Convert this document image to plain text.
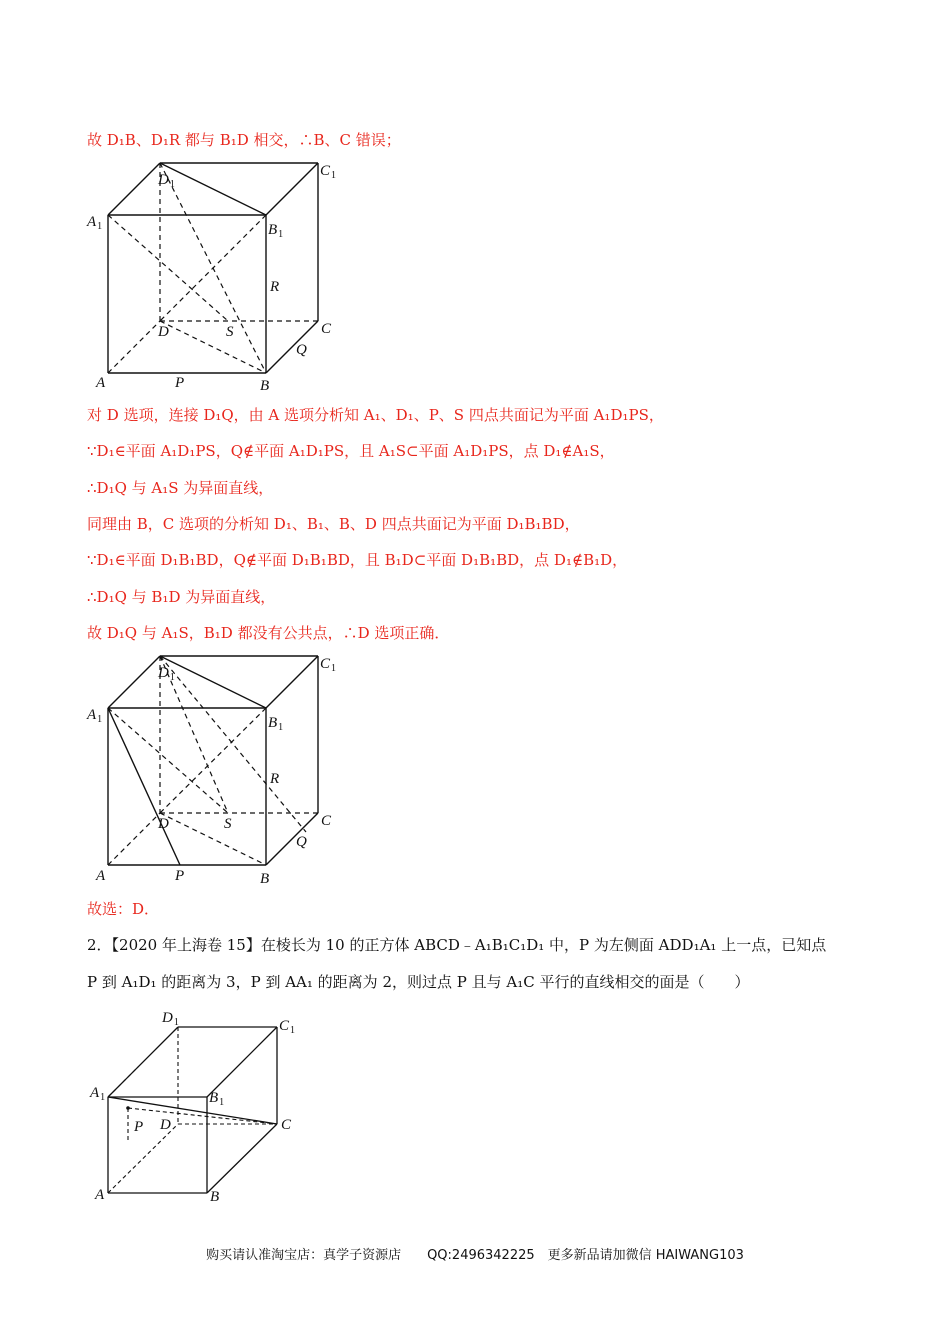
故 D₁B、D₁R 都与 B₁D 相交，∴B、C 错误；
$D_1$
$C_1$
$A_1$	$B_1$
R
D	S	C
Q
A	P	B
对 D 选项，连接 D₁Q，由 A 选项分析知 A₁、D₁、P、S 四点共面记为平面 A₁D₁PS，
∵D₁∈平面 A₁D₁PS，Q∉平面 A₁D₁PS，且 A₁S⊂平面 A₁D₁PS，点 D₁∉A₁S，
∴D₁Q 与 A₁S 为异面直线，
同理由 B，C 选项的分析知 D₁、B₁、B、D 四点共面记为平面 D₁B₁BD，
∵D₁∈平面 D₁B₁BD，Q∉平面 D₁B₁BD，且 B₁D⊂平面 D₁B₁BD，点 D₁∉B₁D，
∴D₁Q 与 B₁D 为异面直线，
故 D₁Q 与 A₁S，B₁D 都没有公共点，∴D 选项正确．
$D_1$
$C_1$
$A_1$	$B_1$
R
D	S	C
Q
A	P	B
故选：D．
2．【2020 年上海卷 15】在棱长为 10 的正方体 ABCD﹣A₁B₁C₁D₁ 中，P 为左侧面 ADD₁A₁ 上一点，已知点
P 到 A₁D₁ 的距离为 3，P 到 AA₁ 的距离为 2，则过点 P 且与 A₁C 平行的直线相交的面是（　　）
$D_1$	$C_1$
$A_1$	$B_1$
P D	C
A	B
购买请认准淘宝店：真学子资源店　　QQ:2496342225　更多新品请加微信 HAIWANG103
